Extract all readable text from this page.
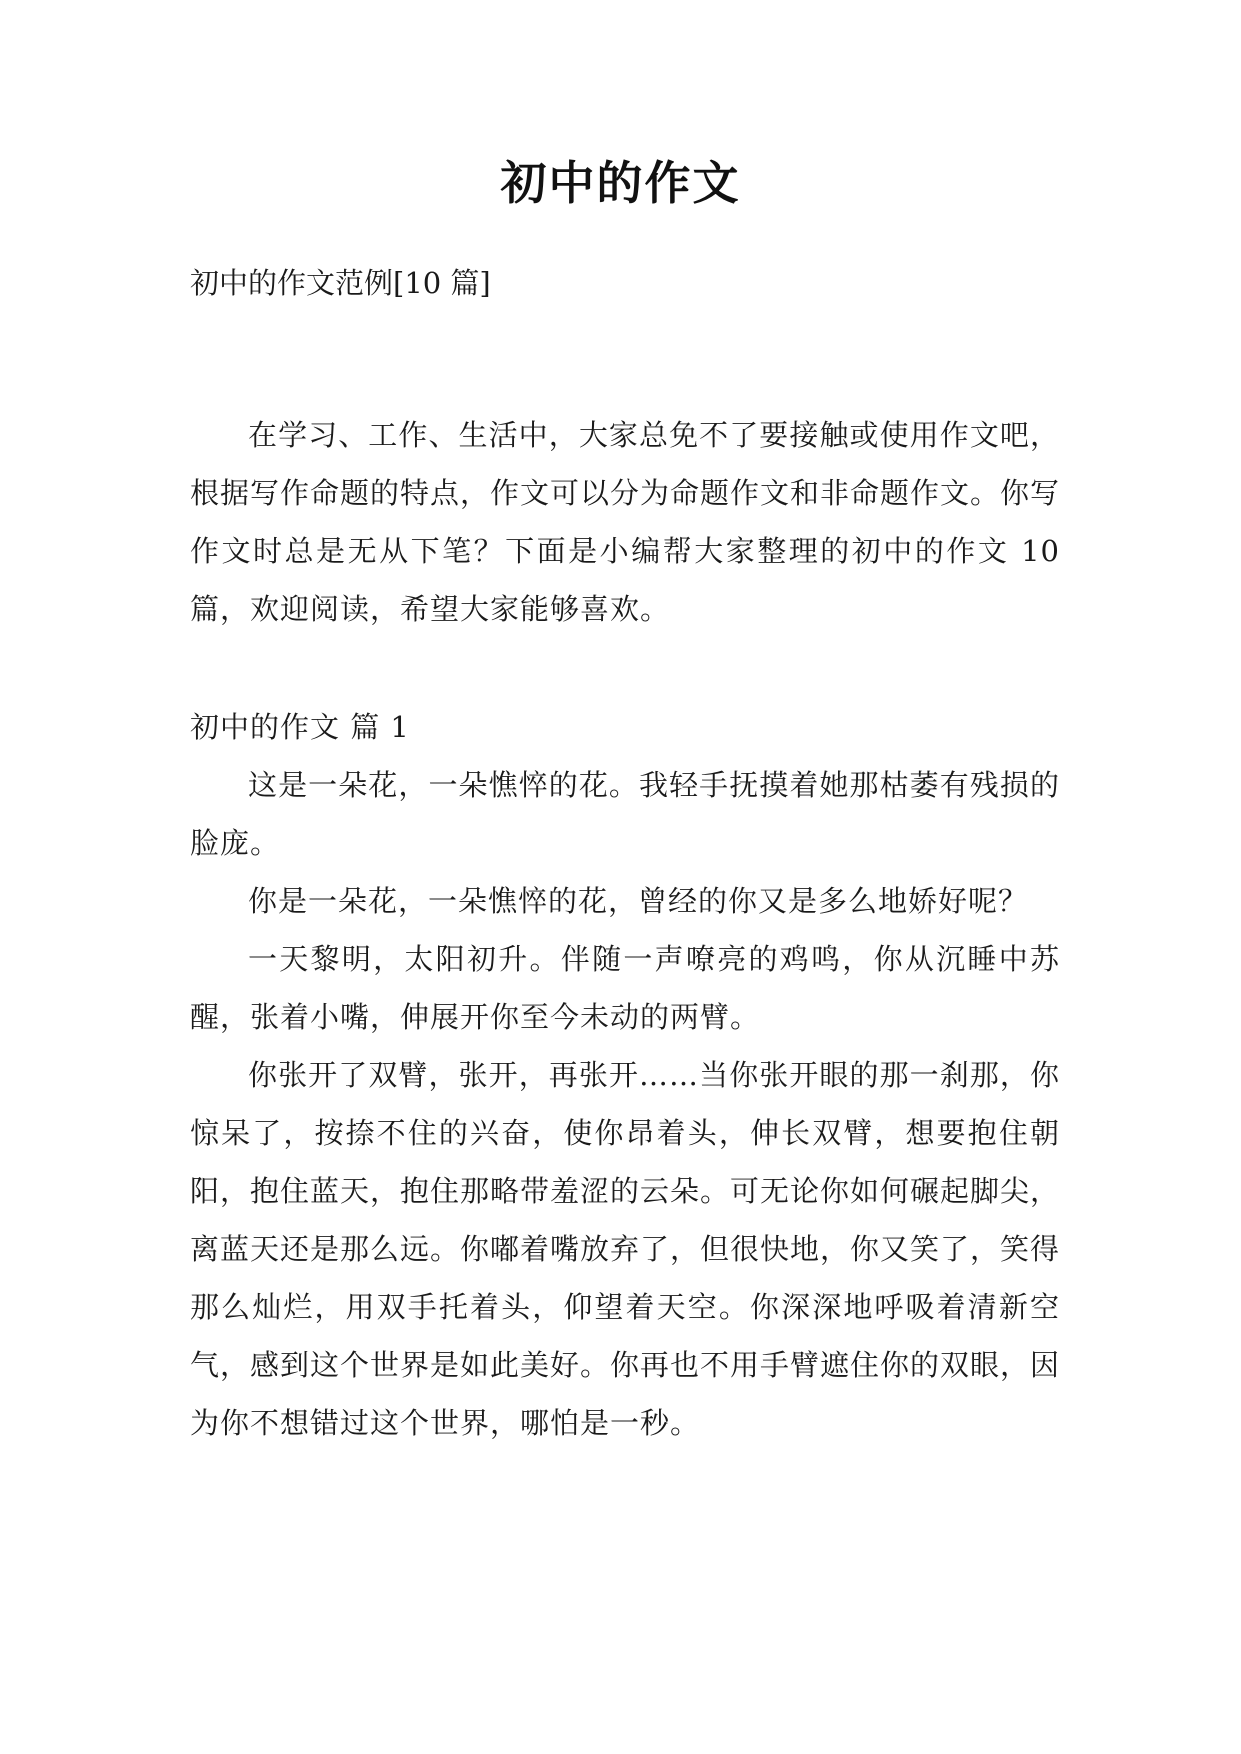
初中的作文
初中的作文范例[10 篇]

在学习、工作、生活中，大家总免不了要接触或使用作文吧，根据写作命题的特点，作文可以分为命题作文和非命题作文。你写作文时总是无从下笔？下面是小编帮大家整理的初中的作文 10 篇，欢迎阅读，希望大家能够喜欢。

初中的作文 篇 1

这是一朵花，一朵憔悴的花。我轻手抚摸着她那枯萎有残损的脸庞。

你是一朵花，一朵憔悴的花，曾经的你又是多么地娇好呢？

一天黎明，太阳初升。伴随一声嘹亮的鸡鸣，你从沉睡中苏醒，张着小嘴，伸展开你至今未动的两臂。

你张开了双臂，张开，再张开……当你张开眼的那一刹那，你惊呆了，按捺不住的兴奋，使你昂着头，伸长双臂，想要抱住朝阳，抱住蓝天，抱住那略带羞涩的云朵。可无论你如何碾起脚尖，离蓝天还是那么远。你嘟着嘴放弃了，但很快地，你又笑了，笑得那么灿烂，用双手托着头，仰望着天空。你深深地呼吸着清新空气，感到这个世界是如此美好。你再也不用手臂遮住你的双眼，因为你不想错过这个世界，哪怕是一秒。
